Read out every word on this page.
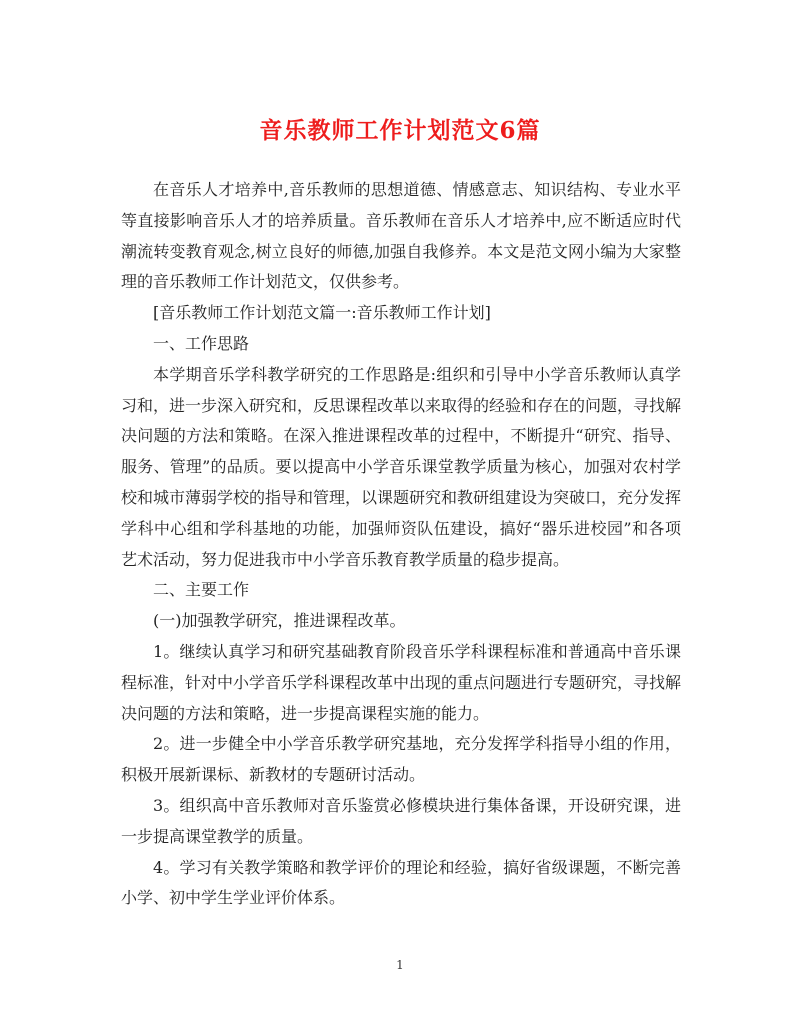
音乐教师工作计划范文6篇

在音乐人才培养中,音乐教师的思想道德、情感意志、知识结构、专业水平等直接影响音乐人才的培养质量。音乐教师在音乐人才培养中,应不断适应时代潮流转变教育观念,树立良好的师德,加强自我修养。本文是范文网小编为大家整理的音乐教师工作计划范文，仅供参考。

[音乐教师工作计划范文篇一:音乐教师工作计划]

一、工作思路

本学期音乐学科教学研究的工作思路是:组织和引导中小学音乐教师认真学习和，进一步深入研究和，反思课程改革以来取得的经验和存在的问题，寻找解决问题的方法和策略。在深入推进课程改革的过程中，不断提升“研究、指导、服务、管理”的品质。要以提高中小学音乐课堂教学质量为核心，加强对农村学校和城市薄弱学校的指导和管理，以课题研究和教研组建设为突破口，充分发挥学科中心组和学科基地的功能，加强师资队伍建设，搞好“器乐进校园”和各项艺术活动，努力促进我市中小学音乐教育教学质量的稳步提高。

二、主要工作

(一)加强教学研究，推进课程改革。

1。继续认真学习和研究基础教育阶段音乐学科课程标准和普通高中音乐课程标准，针对中小学音乐学科课程改革中出现的重点问题进行专题研究，寻找解决问题的方法和策略，进一步提高课程实施的能力。

2。进一步健全中小学音乐教学研究基地，充分发挥学科指导小组的作用，积极开展新课标、新教材的专题研讨活动。

3。组织高中音乐教师对音乐鉴赏必修模块进行集体备课，开设研究课，进一步提高课堂教学的质量。

4。学习有关教学策略和教学评价的理论和经验，搞好省级课题，不断完善小学、初中学生学业评价体系。

1
